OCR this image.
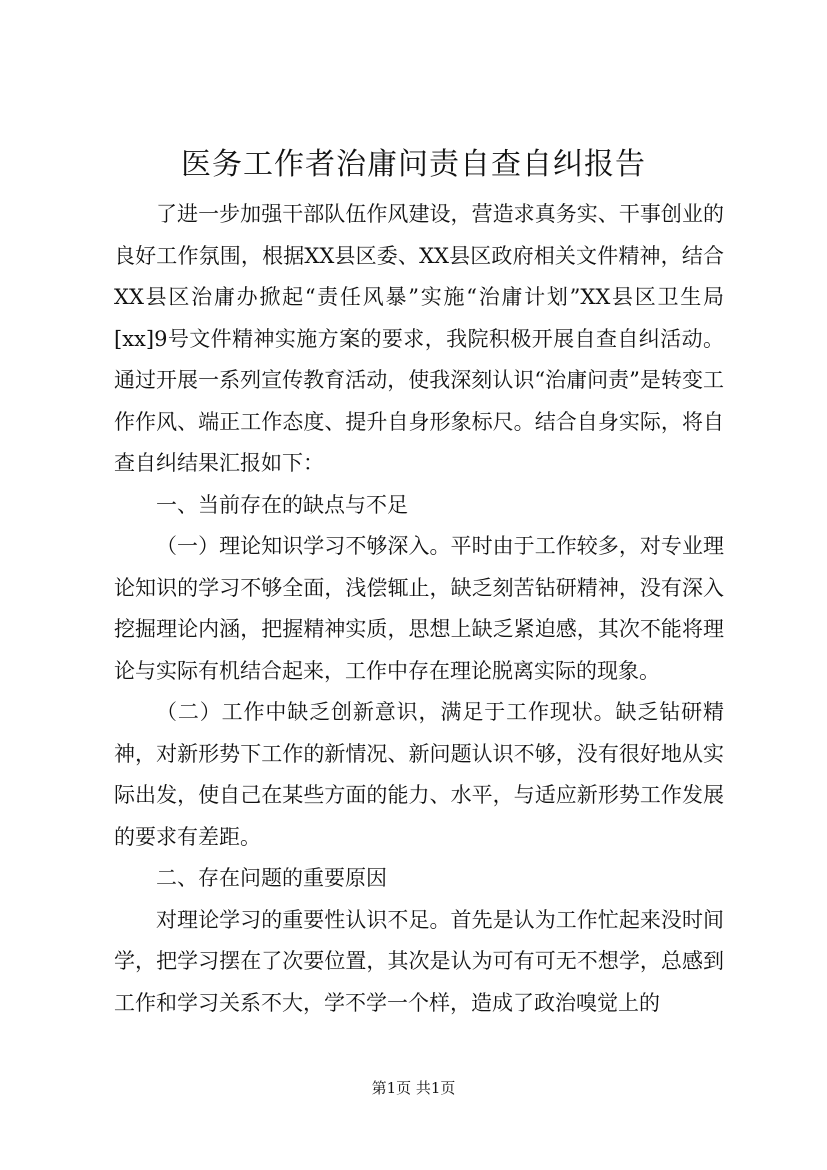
医务工作者治庸问责自查自纠报告

了进一步加强干部队伍作风建设，营造求真务实、干事创业的良好工作氛围，根据XX县区委、XX县区政府相关文件精神，结合XX县区治庸办掀起“责任风暴”实施“治庸计划”XX县区卫生局[xx]9号文件精神实施方案的要求，我院积极开展自查自纠活动。通过开展一系列宣传教育活动，使我深刻认识“治庸问责”是转变工作作风、端正工作态度、提升自身形象标尺。结合自身实际，将自查自纠结果汇报如下：

一、当前存在的缺点与不足

（一）理论知识学习不够深入。平时由于工作较多，对专业理论知识的学习不够全面，浅偿辄止，缺乏刻苦钻研精神，没有深入挖掘理论内涵，把握精神实质，思想上缺乏紧迫感，其次不能将理论与实际有机结合起来，工作中存在理论脱离实际的现象。

（二）工作中缺乏创新意识，满足于工作现状。缺乏钻研精神，对新形势下工作的新情况、新问题认识不够，没有很好地从实际出发，使自己在某些方面的能力、水平，与适应新形势工作发展的要求有差距。

二、存在问题的重要原因

对理论学习的重要性认识不足。首先是认为工作忙起来没时间学，把学习摆在了次要位置，其次是认为可有可无不想学，总感到工作和学习关系不大，学不学一个样，造成了政治嗅觉上的

第1页 共1页
